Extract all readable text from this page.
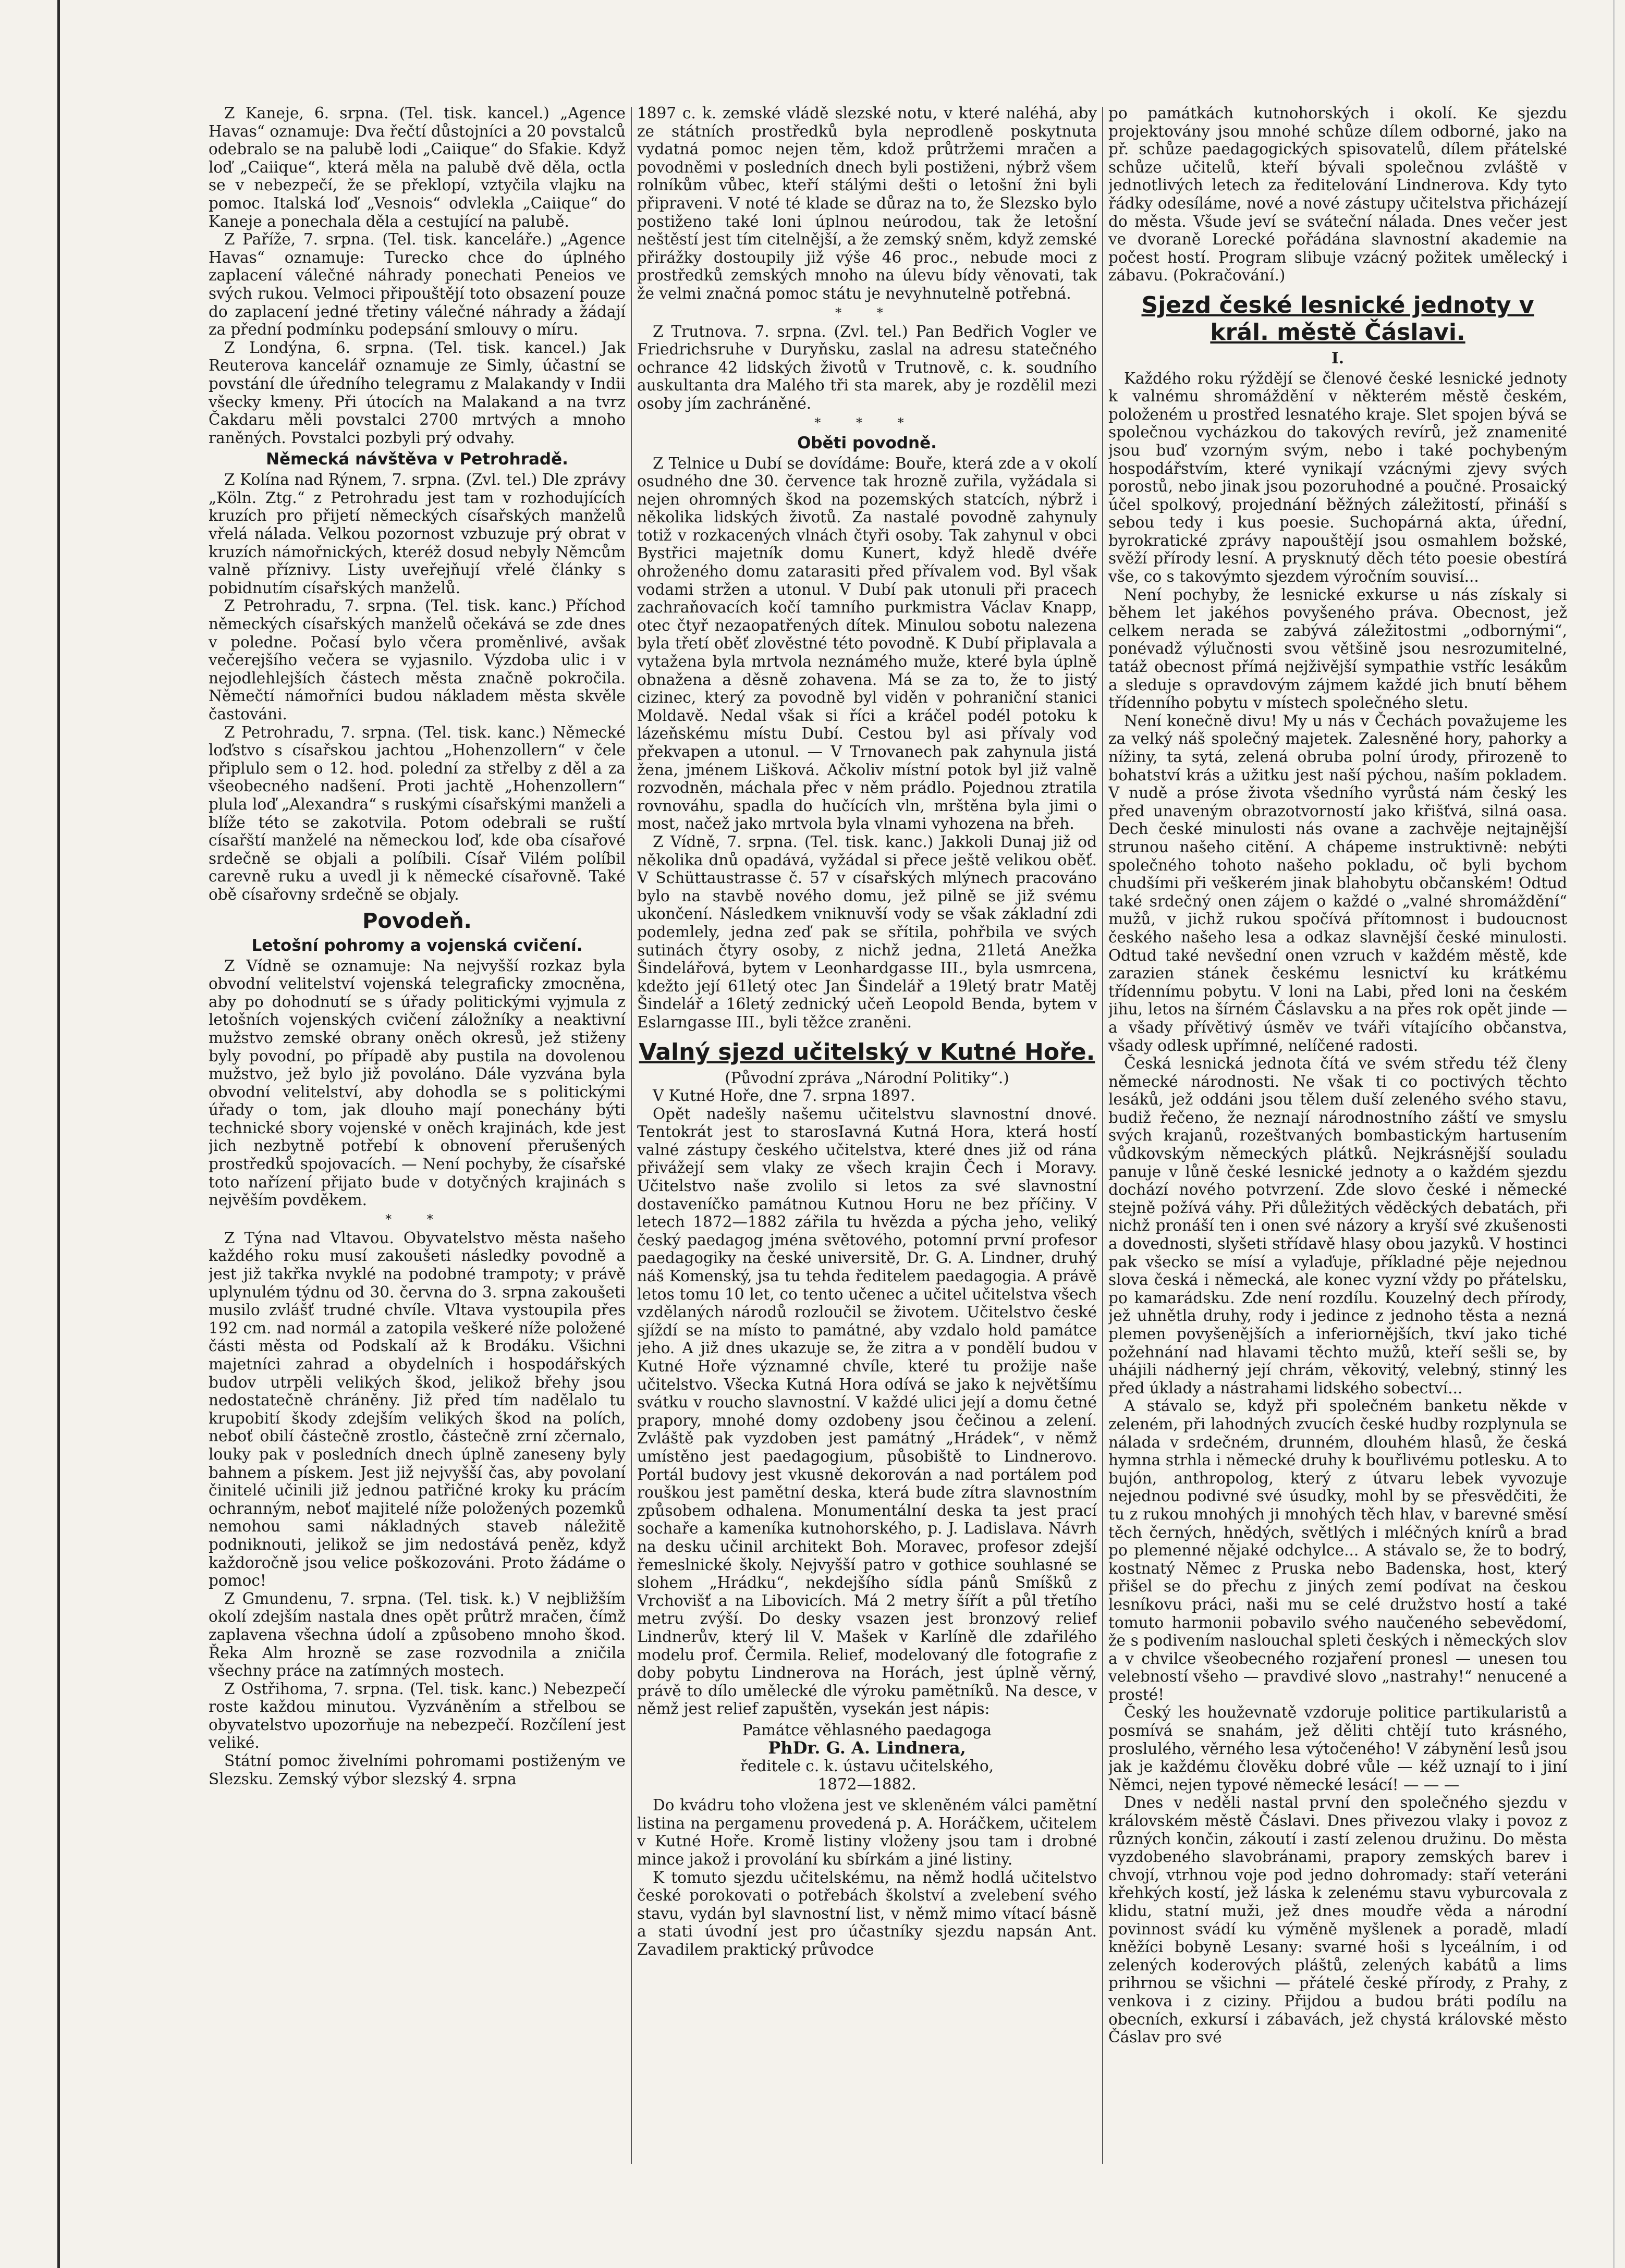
Z Kaneje, 6. srpna. (Tel. tisk. kancel.) „Agence Havas“ oznamuje: Dva řečtí důstojníci a 20 povstalců odebralo se na palubě lodi „Caiique“ do Sfakie. Když loď „Caiique“, která měla na palubě dvě děla, octla se v nebezpečí, že se překlopí, vztyčila vlajku na pomoc. Italská loď „Vesnois“ odvlekla „Caiique“ do Kaneje a ponechala děla a cestující na palubě.

Z Paříže, 7. srpna. (Tel. tisk. kanceláře.) „Agence Havas“ oznamuje: Turecko chce do úplného zaplacení válečné náhrady ponechati Peneios ve svých rukou. Velmoci připouštějí toto obsazení pouze do zaplacení jedné třetiny válečné náhrady a žádají za přední podmínku podepsání smlouvy o míru.

Z Londýna, 6. srpna. (Tel. tisk. kancel.) Jak Reuterova kancelář oznamuje ze Simly, účastní se povstání dle úředního telegramu z Malakandy v Indii všecky kmeny. Při útocích na Malakand a na tvrz Čakdaru měli povstalci 2700 mrtvých a mnoho raněných. Povstalci pozbyli prý odvahy.

Německá návštěva v Petrohradě.

Z Kolína nad Rýnem, 7. srpna. (Zvl. tel.) Dle zprávy „Köln. Ztg.“ z Petrohradu jest tam v rozhodujících kruzích pro přijetí německých císařských manželů vřelá nálada. Velkou pozornost vzbuzuje prý obrat v kruzích námořnických, kteréž dosud nebyly Němcům valně příznivy. Listy uveřejňují vřelé články s pobidnutím císařských manželů.

Z Petrohradu, 7. srpna. (Tel. tisk. kanc.) Příchod německých císařských manželů očekává se zde dnes v poledne. Počasí bylo včera proměnlivé, avšak večerejšího večera se vyjasnilo. Výzdoba ulic i v nejodlehlejších částech města značně pokročila. Němečtí námořníci budou nákladem města skvěle častováni.

Z Petrohradu, 7. srpna. (Tel. tisk. kanc.) Německé loďstvo s císařskou jachtou „Hohenzollern“ v čele připlulo sem o 12. hod. polední za střelby z děl a za všeobecného nadšení. Proti jachtě „Hohenzollern“ plula loď „Alexandra“ s ruskými císařskými manželi a blíže této se zakotvila. Potom odebrali se ruští císařští manželé na německou loď, kde oba císařové srdečně se objali a políbili. Císař Vilém políbil carevně ruku a uvedl ji k německé císařovně. Také obě císařovny srdečně se objaly.

Povodeň.
Letošní pohromy a vojenská cvičení.

Z Vídně se oznamuje: Na nejvyšší rozkaz byla obvodní velitelství vojenská telegraficky zmocněna, aby po dohodnutí se s úřady politickými vyjmula z letošních vojenských cvičení záložníky a neaktivní mužstvo zemské obrany oněch okresů, jež stiženy byly povodní, po případě aby pustila na dovolenou mužstvo, jež bylo již povoláno. Dále vyzvána byla obvodní velitelství, aby dohodla se s politickými úřady o tom, jak dlouho mají ponechány býti technické sbory vojenské v oněch krajinách, kde jest jich nezbytně potřebí k obnovení přerušených prostředků spojovacích. — Není pochyby, že císařské toto nařízení přijato bude v dotyčných krajinách s nejvěším povděkem.

* *

Z Týna nad Vltavou. Obyvatelstvo města našeho každého roku musí zakoušeti následky povodně a jest již takřka nvyklé na podobné trampoty; v právě uplynulém týdnu od 30. června do 3. srpna zakoušeti musilo zvlášť trudné chvíle. Vltava vystoupila přes 192 cm. nad normál a zatopila veškeré níže položené části města od Podskalí až k Brodáku. Všichni majetníci zahrad a obydelních i hospodářských budov utrpěli velikých škod, jelikož břehy jsou nedostatečně chráněny. Již před tím nadělalo tu krupobití škody zdejším velikých škod na polích, neboť obilí částečně zrostlo, částečně zrní zčernalo, louky pak v posledních dnech úplně zaneseny byly bahnem a pískem. Jest již nejvyšší čas, aby povolaní činitelé učinili již jednou patřičné kroky ku prácím ochranným, neboť majitelé níže položených pozemků nemohou sami nákladných staveb náležitě podniknouti, jelikož se jim nedostává peněz, když každoročně jsou velice poškozováni. Proto žádáme o pomoc!

Z Gmundenu, 7. srpna. (Tel. tisk. k.) V nejbližším okolí zdejším nastala dnes opět průtrž mračen, čímž zaplavena všechna údolí a způsobeno mnoho škod. Řeka Alm hrozně se zase rozvodnila a zničila všechny práce na zatímných mostech.

Z Ostřihoma, 7. srpna. (Tel. tisk. kanc.) Nebezpečí roste každou minutou. Vyzváněním a střelbou se obyvatelstvo upozorňuje na nebezpečí. Rozčílení jest veliké.

Státní pomoc živelními pohromami postiženým ve Slezsku. Zemský výbor slezský 4. srpna

1897 c. k. zemské vládě slezské notu, v které naléhá, aby ze státních prostředků byla neprodleně poskytnuta vydatná pomoc nejen těm, kdož průtržemi mračen a povodněmi v posledních dnech byli postiženi, nýbrž všem rolníkům vůbec, kteří stálými dešti o letošní žni byli připraveni. V noté té klade se důraz na to, že Slezsko bylo postiženo také loni úplnou neúrodou, tak že letošní neštěstí jest tím citelnější, a že zemský sněm, když zemské přirážky dostoupily již výše 46 proc., nebude moci z prostředků zemských mnoho na úlevu bídy věnovati, tak že velmi značná pomoc státu je nevyhnutelně potřebná.

* *

Z Trutnova. 7. srpna. (Zvl. tel.) Pan Bedřich Vogler ve Friedrichsruhe v Duryňsku, zaslal na adresu statečného ochrance 42 lidských životů v Trutnově, c. k. soudního auskultanta dra Malého tři sta marek, aby je rozdělil mezi osoby jím zachráněné.

* * *
Oběti povodně.

Z Telnice u Dubí se dovídáme: Bouře, která zde a v okolí osudného dne 30. července tak hrozně zuřila, vyžádala si nejen ohromných škod na pozemských statcích, nýbrž i několika lidských životů. Za nastalé povodně zahynuly totiž v rozkacených vlnách čtyři osoby. Tak zahynul v obci Bystřici majetník domu Kunert, když hledě dvéře ohroženého domu zatarasiti před přívalem vod. Byl však vodami stržen a utonul. V Dubí pak utonuli při pracech zachraňovacích kočí tamního purkmistra Václav Knapp, otec čtyř nezaopatřených dítek. Minulou sobotu nalezena byla třetí oběť zlověstné této povodně. K Dubí připlavala a vytažena byla mrtvola neznámého muže, které byla úplně obnažena a děsně zohavena. Má se za to, že to jistý cizinec, který za povodně byl viděn v pohraniční stanici Moldavě. Nedal však si říci a kráčel podél potoku k lázeňskému místu Dubí. Cestou byl asi přívaly vod překvapen a utonul. — V Trnovanech pak zahynula jistá žena, jménem Lišková. Ačkoliv místní potok byl již valně rozvodněn, máchala přec v něm prádlo. Pojednou ztratila rovnováhu, spadla do hučících vln, mrštěna byla jimi o most, načež jako mrtvola byla vlnami vyhozena na břeh.

Z Vídně, 7. srpna. (Tel. tisk. kanc.) Jakkoli Dunaj již od několika dnů opadává, vyžádal si přece ještě velikou oběť. V Schüttaustrasse č. 57 v císařských mlýnech pracováno bylo na stavbě nového domu, jež pilně se již svému ukončení. Následkem vniknuvší vody se však základní zdi podemlely, jedna zeď pak se sřítila, pohřbila ve svých sutinách čtyry osoby, z nichž jedna, 21letá Anežka Šindelářová, bytem v Leonhardgasse III., byla usmrcena, kdežto její 61letý otec Jan Šindelář a 19letý bratr Matěj Šindelář a 16letý zednický učeň Leopold Benda, bytem v Eslarngasse III., byli těžce zraněni.

Valný sjezd učitelský v Kutné Hoře.

(Původní zpráva „Národní Politiky“.)

V Kutné Hoře, dne 7. srpna 1897.

Opět nadešly našemu učitelstvu slavnostní dnové. Tentokrát jest to starosIavná Kutná Hora, která hostí valné zástupy českého učitelstva, které dnes již od rána přivážejí sem vlaky ze všech krajin Čech i Moravy. Učitelstvo naše zvolilo si letos za své slavnostní dostaveníčko památnou Kutnou Horu ne bez příčiny. V letech 1872—1882 zářila tu hvězda a pýcha jeho, veliký český paedagog jména světového, potomní první profesor paedagogiky na české universitě, Dr. G. A. Lindner, druhý náš Komenský, jsa tu tehda ředitelem paedagogia. A právě letos tomu 10 let, co tento učenec a učitel učitelstva všech vzdělaných národů rozloučil se životem. Učitelstvo české sjíždí se na místo to památné, aby vzdalo hold památce jeho. A již dnes ukazuje se, že zitra a v pondělí budou v Kutné Hoře významné chvíle, které tu prožije naše učitelstvo. Všecka Kutná Hora odívá se jako k největšímu svátku v roucho slavnostní. V každé ulici její a domu četné prapory, mnohé domy ozdobeny jsou čečinou a zelení. Zvláště pak vyzdoben jest památný „Hrádek“, v němž umístěno jest paedagogium, působiště to Lindnerovo. Portál budovy jest vkusně dekorován a nad portálem pod rouškou jest pamětní deska, která bude zítra slavnostním způsobem odhalena. Monumentální deska ta jest prací sochaře a kameníka kutnohorského, p. J. Ladislava. Návrh na desku učinil architekt Boh. Moravec, profesor zdejší řemeslnické školy. Nejvyšší patro v gothice souhlasné se slohem „Hrádku“, nekdejšího sídla pánů Smíšků z Vrchovišť a na Libovicích. Má 2 metry šířít a půl třetího metru zvýší. Do desky vsazen jest bronzový relief Lindnerův, který lil V. Mašek v Karlíně dle zdařilého modelu prof. Čermila. Relief, modelovaný dle fotografie z doby pobytu Lindnerova na Horách, jest úplně věrný, právě to dílo umělecké dle výroku pamětníků. Na desce, v němž jest relief zapuštěn, vysekán jest nápis:

Památce věhlasného paedagoga
PhDr. G. A. Lindnera,
ředitele c. k. ústavu učitelského,
1872—1882.

Do kvádru toho vložena jest ve skleněném válci pamětní listina na pergamenu provedená p. A. Horáčkem, učitelem v Kutné Hoře. Kromě listiny vloženy jsou tam i drobné mince jakož i provolání ku sbírkám a jiné listiny.

K tomuto sjezdu učitelskému, na němž hodlá učitelstvo české porokovati o potřebách školství a zvelebení svého stavu, vydán byl slavnostní list, v němž mimo vítací básně a stati úvodní jest pro účastníky sjezdu napsán Ant. Zavadilem praktický průvodce

po památkách kutnohorských i okolí. Ke sjezdu projektovány jsou mnohé schůze dílem odborné, jako na př. schůze paedagogických spisovatelů, dílem přátelské schůze učitelů, kteří bývali společnou zvláště v jednotlivých letech za ředitelování Lindnerova. Kdy tyto řádky odesíláme, nové a nové zástupy učitelstva přicházejí do města. Všude jeví se sváteční nálada. Dnes večer jest ve dvoraně Lorecké pořádána slavnostní akademie na počest hostí. Program slibuje vzácný požitek umělecký i zábavu. (Pokračování.)

Sjezd české lesnické jednoty v král. městě Čáslavi.
I.

Každého roku rýždějí se členové české lesnické jednoty k valnému shromáždění v některém městě českém, položeném u prostřed lesnatého kraje. Slet spojen bývá se společnou vycházkou do takových revírů, jež znamenité jsou buď vzorným svým, nebo i také pochybeným hospodářstvím, které vynikají vzácnými zjevy svých porostů, nebo jinak jsou pozoruhodné a poučné. Prosaický účel spolkový, projednání běžných záležitostí, přináší s sebou tedy i kus poesie. Suchopárná akta, úřední, byrokratické zprávy napouštějí jsou osmahlem božské, svěží přírody lesní. A prysknutý děch této poesie obestírá vše, co s takovýmto sjezdem výročním souvisí...

Není pochyby, že lesnické exkurse u nás získaly si během let jakéhos povyšeného práva. Obecnost, jež celkem nerada se zabývá záležitostmi „odbornými“, ponévadž výlučnosti svou většině jsou nesrozumitelné, tatáž obecnost přímá nejživější sympathie vstříc lesákům a sleduje s opravdovým zájmem každé jich bnutí během třídenního pobytu v místech společného sletu.

Není konečně divu! My u nás v Čechách považujeme les za velký náš společný majetek. Zalesněné hory, pahorky a nížiny, ta sytá, zelená obruba polní úrody, přirozeně to bohatství krás a užitku jest naší pýchou, naším pokladem. V nudě a próse života všedního vyrůstá nám český les před unaveným obrazotvorností jako křišťvá, silná oasa. Dech české minulosti nás ovane a zachvěje nejtajnější strunou našeho citění. A chápeme instruktivně: nebýti společného tohoto našeho pokladu, oč byli bychom chudšími při veškerém jinak blahobytu občanském! Odtud také srdečný onen zájem o každé o „valné shromáždění“ mužů, v jichž rukou spočívá přítomnost i budoucnost českého našeho lesa a odkaz slavnější české minulosti. Odtud také nevšední onen vzruch v každém městě, kde zarazien stánek českému lesnictví ku krátkému třídennímu pobytu. V loni na Labi, před loni na českém jihu, letos na šírném Čáslavsku a na přes rok opět jinde — a všady přívětivý úsměv ve tváři vítajícího občanstva, všady odlesk upřímné, nelíčené radosti.

Česká lesnická jednota čítá ve svém středu též členy německé národnosti. Ne však ti co poctivých těchto lesáků, jež oddáni jsou tělem duší zeleného svého stavu, budiž řečeno, že neznají národnostního záští ve smyslu svých krajanů, rozeštvaných bombastickým hartusením vůdkovským německých plátků. Nejkrásnější souladu panuje v lůně české lesnické jednoty a o každém sjezdu dochází nového potvrzení. Zde slovo české i německé stejně požívá váhy. Při důležitých věděckých debatách, při nichž pronáší ten i onen své názory a kryší své zkušenosti a dovednosti, slyšeti střídavě hlasy obou jazyků. V hostinci pak všecko se mísí a vylaďuje, příkladné pěje nejednou slova česká i německá, ale konec vyzní vždy po přátelsku, po kamarádsku. Zde není rozdílu. Kouzelný dech přírody, jež uhnětla druhy, rody i jedince z jednoho těsta a nezná plemen povyšenějších a inferiornějších, tkví jako tiché požehnání nad hlavami těchto mužů, kteří sešli se, by uhájili nádherný její chrám, věkovitý, velebný, stinný les před úklady a nástrahami lidského sobectví...

A stávalo se, když při společném banketu někde v zeleném, při lahodných zvucích české hudby rozplynula se nálada v srdečném, drunném, dlouhém hlasů, že česká hymna strhla i německé druhy k bouřlivému potlesku. A to bujón, anthropolog, který z útvaru lebek vyvozuje nejednou podivné své úsudky, mohl by se přesvědčiti, že tu z rukou mnohých ji mnohých těch hlav, v barevné směsí těch černých, hnědých, světlých i mléčných knírů a brad po plemenné nějaké odchylce... A stávalo se, že to bodrý, kostnatý Němec z Pruska nebo Badenska, host, který přišel se do přechu z jiných zemí podívat na českou lesníkovu práci, naši mu se celé družstvo hostí a také tomuto harmonii pobavilo svého naučeného sebevědomí, že s podivením naslouchal spleti českých i německých slov a v chvilce všeobecného rozjaření pronesl — unesen tou velebností všeho — pravdivé slovo „nastrahy!“ nenucené a prosté!

Český les houževnatě vzdoruje politice partikularistů a posmívá se snahám, jež děliti chtějí tuto krásného, proslulého, věrného lesa výtočeného! V zábynění lesů jsou jak je každému člověku dobré vůle — kéž uznají to i jiní Němci, nejen typové německé lesácí! — — —

Dnes v neděli nastal první den společného sjezdu v královském městě Čáslavi. Dnes přivezou vlaky i povoz z různých končin, zákoutí i zastí zelenou družinu. Do města vyzdobeného slavobránami, prapory zemských barev i chvojí, vtrhnou voje pod jedno dohromady: staří veteráni křehkých kostí, jež láska k zelenému stavu vyburcovala z klidu, statní muži, jež dnes moudře věda a národní povinnost svádí ku výměně myšlenek a poradě, mladí kněžíci bobyně Lesany: svarné hoši s lyceálním, i od zelených koderových pláštů, zelených kabátů a lims prihrnou se všichni — přátelé české přírody, z Prahy, z venkova i z ciziny. Přijdou a budou bráti podílu na obecních, exkursí i zábavách, jež chystá královské město Čáslav pro své
